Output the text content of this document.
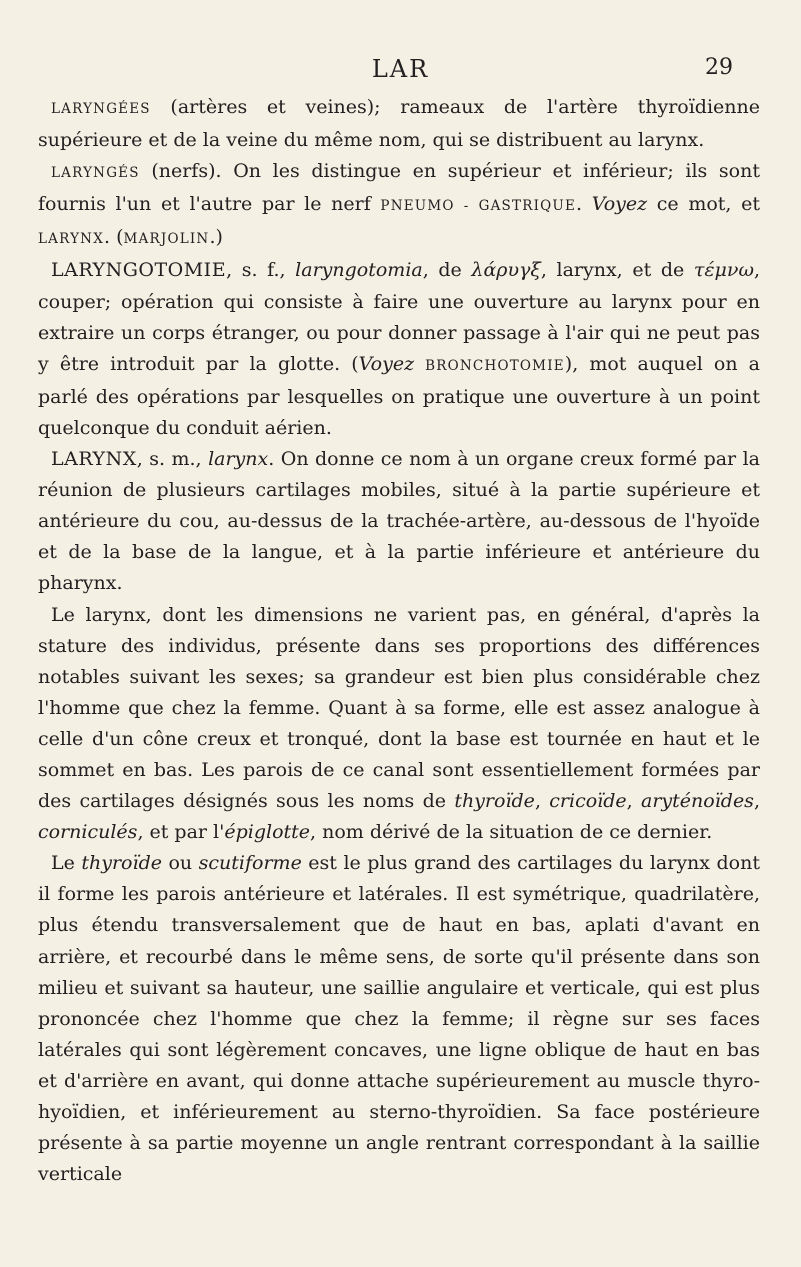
LAR	29

LARYNGÉES (artères et veines); rameaux de l'artère thyroïdienne supérieure et de la veine du même nom, qui se distribuent au larynx.

LARYNGÉS (nerfs). On les distingue en supérieur et inférieur; ils sont fournis l'un et l'autre par le nerf PNEUMO - GASTRIQUE. Voyez ce mot, et LARYNX. (MARJOLIN.)

LARYNGOTOMIE, s. f., laryngotomia, de λάρυγξ, larynx, et de τέμνω, couper; opération qui consiste à faire une ouverture au larynx pour en extraire un corps étranger, ou pour donner passage à l'air qui ne peut pas y être introduit par la glotte. (Voyez BRONCHOTOMIE), mot auquel on a parlé des opérations par lesquelles on pratique une ouverture à un point quelconque du conduit aérien.

LARYNX, s. m., larynx. On donne ce nom à un organe creux formé par la réunion de plusieurs cartilages mobiles, situé à la partie supérieure et antérieure du cou, au-dessus de la trachée-artère, au-dessous de l'hyoïde et de la base de la langue, et à la partie inférieure et antérieure du pharynx.

Le larynx, dont les dimensions ne varient pas, en général, d'après la stature des individus, présente dans ses proportions des différences notables suivant les sexes; sa grandeur est bien plus considérable chez l'homme que chez la femme. Quant à sa forme, elle est assez analogue à celle d'un cône creux et tronqué, dont la base est tournée en haut et le sommet en bas. Les parois de ce canal sont essentiellement formées par des cartilages désignés sous les noms de thyroïde, cricoïde, aryténoïdes, corniculés, et par l'épiglotte, nom dérivé de la situation de ce dernier.

Le thyroïde ou scutiforme est le plus grand des cartilages du larynx dont il forme les parois antérieure et latérales. Il est symétrique, quadrilatère, plus étendu transversalement que de haut en bas, aplati d'avant en arrière, et recourbé dans le même sens, de sorte qu'il présente dans son milieu et suivant sa hauteur, une saillie angulaire et verticale, qui est plus prononcée chez l'homme que chez la femme; il règne sur ses faces latérales qui sont légèrement concaves, une ligne oblique de haut en bas et d'arrière en avant, qui donne attache supérieurement au muscle thyro-hyoïdien, et inférieurement au sterno-thyroïdien. Sa face postérieure présente à sa partie moyenne un angle rentrant correspondant à la saillie verticale
